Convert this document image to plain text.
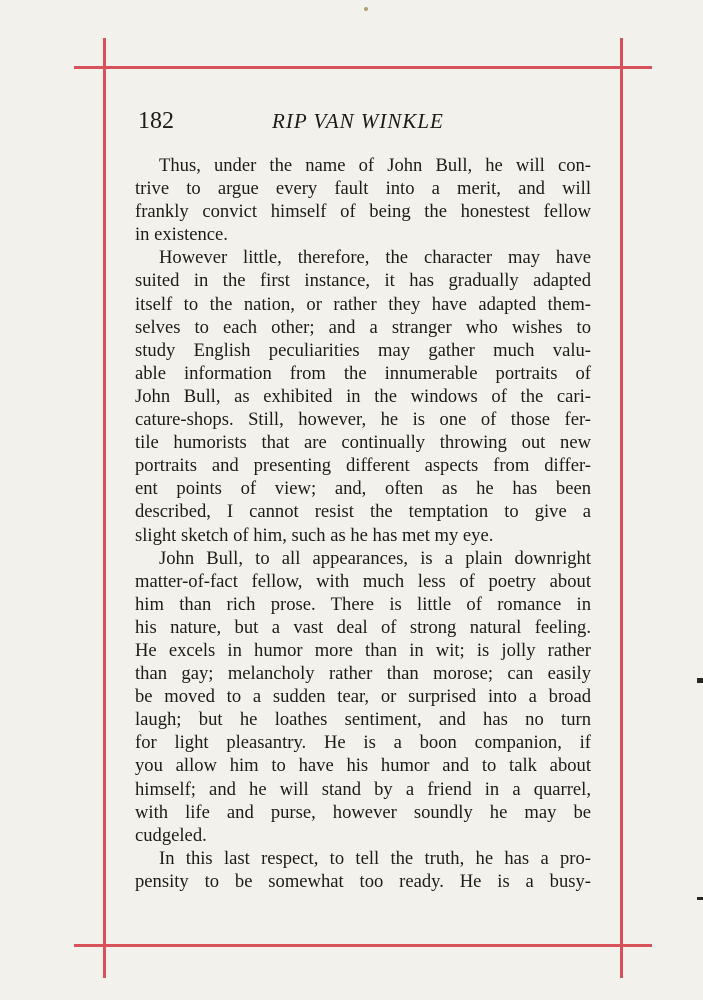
182	RIP VAN WINKLE
Thus, under the name of John Bull, he will con-
trive to argue every fault into a merit, and will
frankly convict himself of being the honestest fellow
in existence.
However little, therefore, the character may have
suited in the first instance, it has gradually adapted
itself to the nation, or rather they have adapted them-
selves to each other; and a stranger who wishes to
study English peculiarities may gather much valu-
able information from the innumerable portraits of
John Bull, as exhibited in the windows of the cari-
cature-shops. Still, however, he is one of those fer-
tile humorists that are continually throwing out new
portraits and presenting different aspects from differ-
ent points of view; and, often as he has been
described, I cannot resist the temptation to give a
slight sketch of him, such as he has met my eye.
John Bull, to all appearances, is a plain downright
matter-of-fact fellow, with much less of poetry about
him than rich prose. There is little of romance in
his nature, but a vast deal of strong natural feeling.
He excels in humor more than in wit; is jolly rather
than gay; melancholy rather than morose; can easily
be moved to a sudden tear, or surprised into a broad
laugh; but he loathes sentiment, and has no turn
for light pleasantry. He is a boon companion, if
you allow him to have his humor and to talk about
himself; and he will stand by a friend in a quarrel,
with life and purse, however soundly he may be
cudgeled.
In this last respect, to tell the truth, he has a pro-
pensity to be somewhat too ready. He is a busy-
